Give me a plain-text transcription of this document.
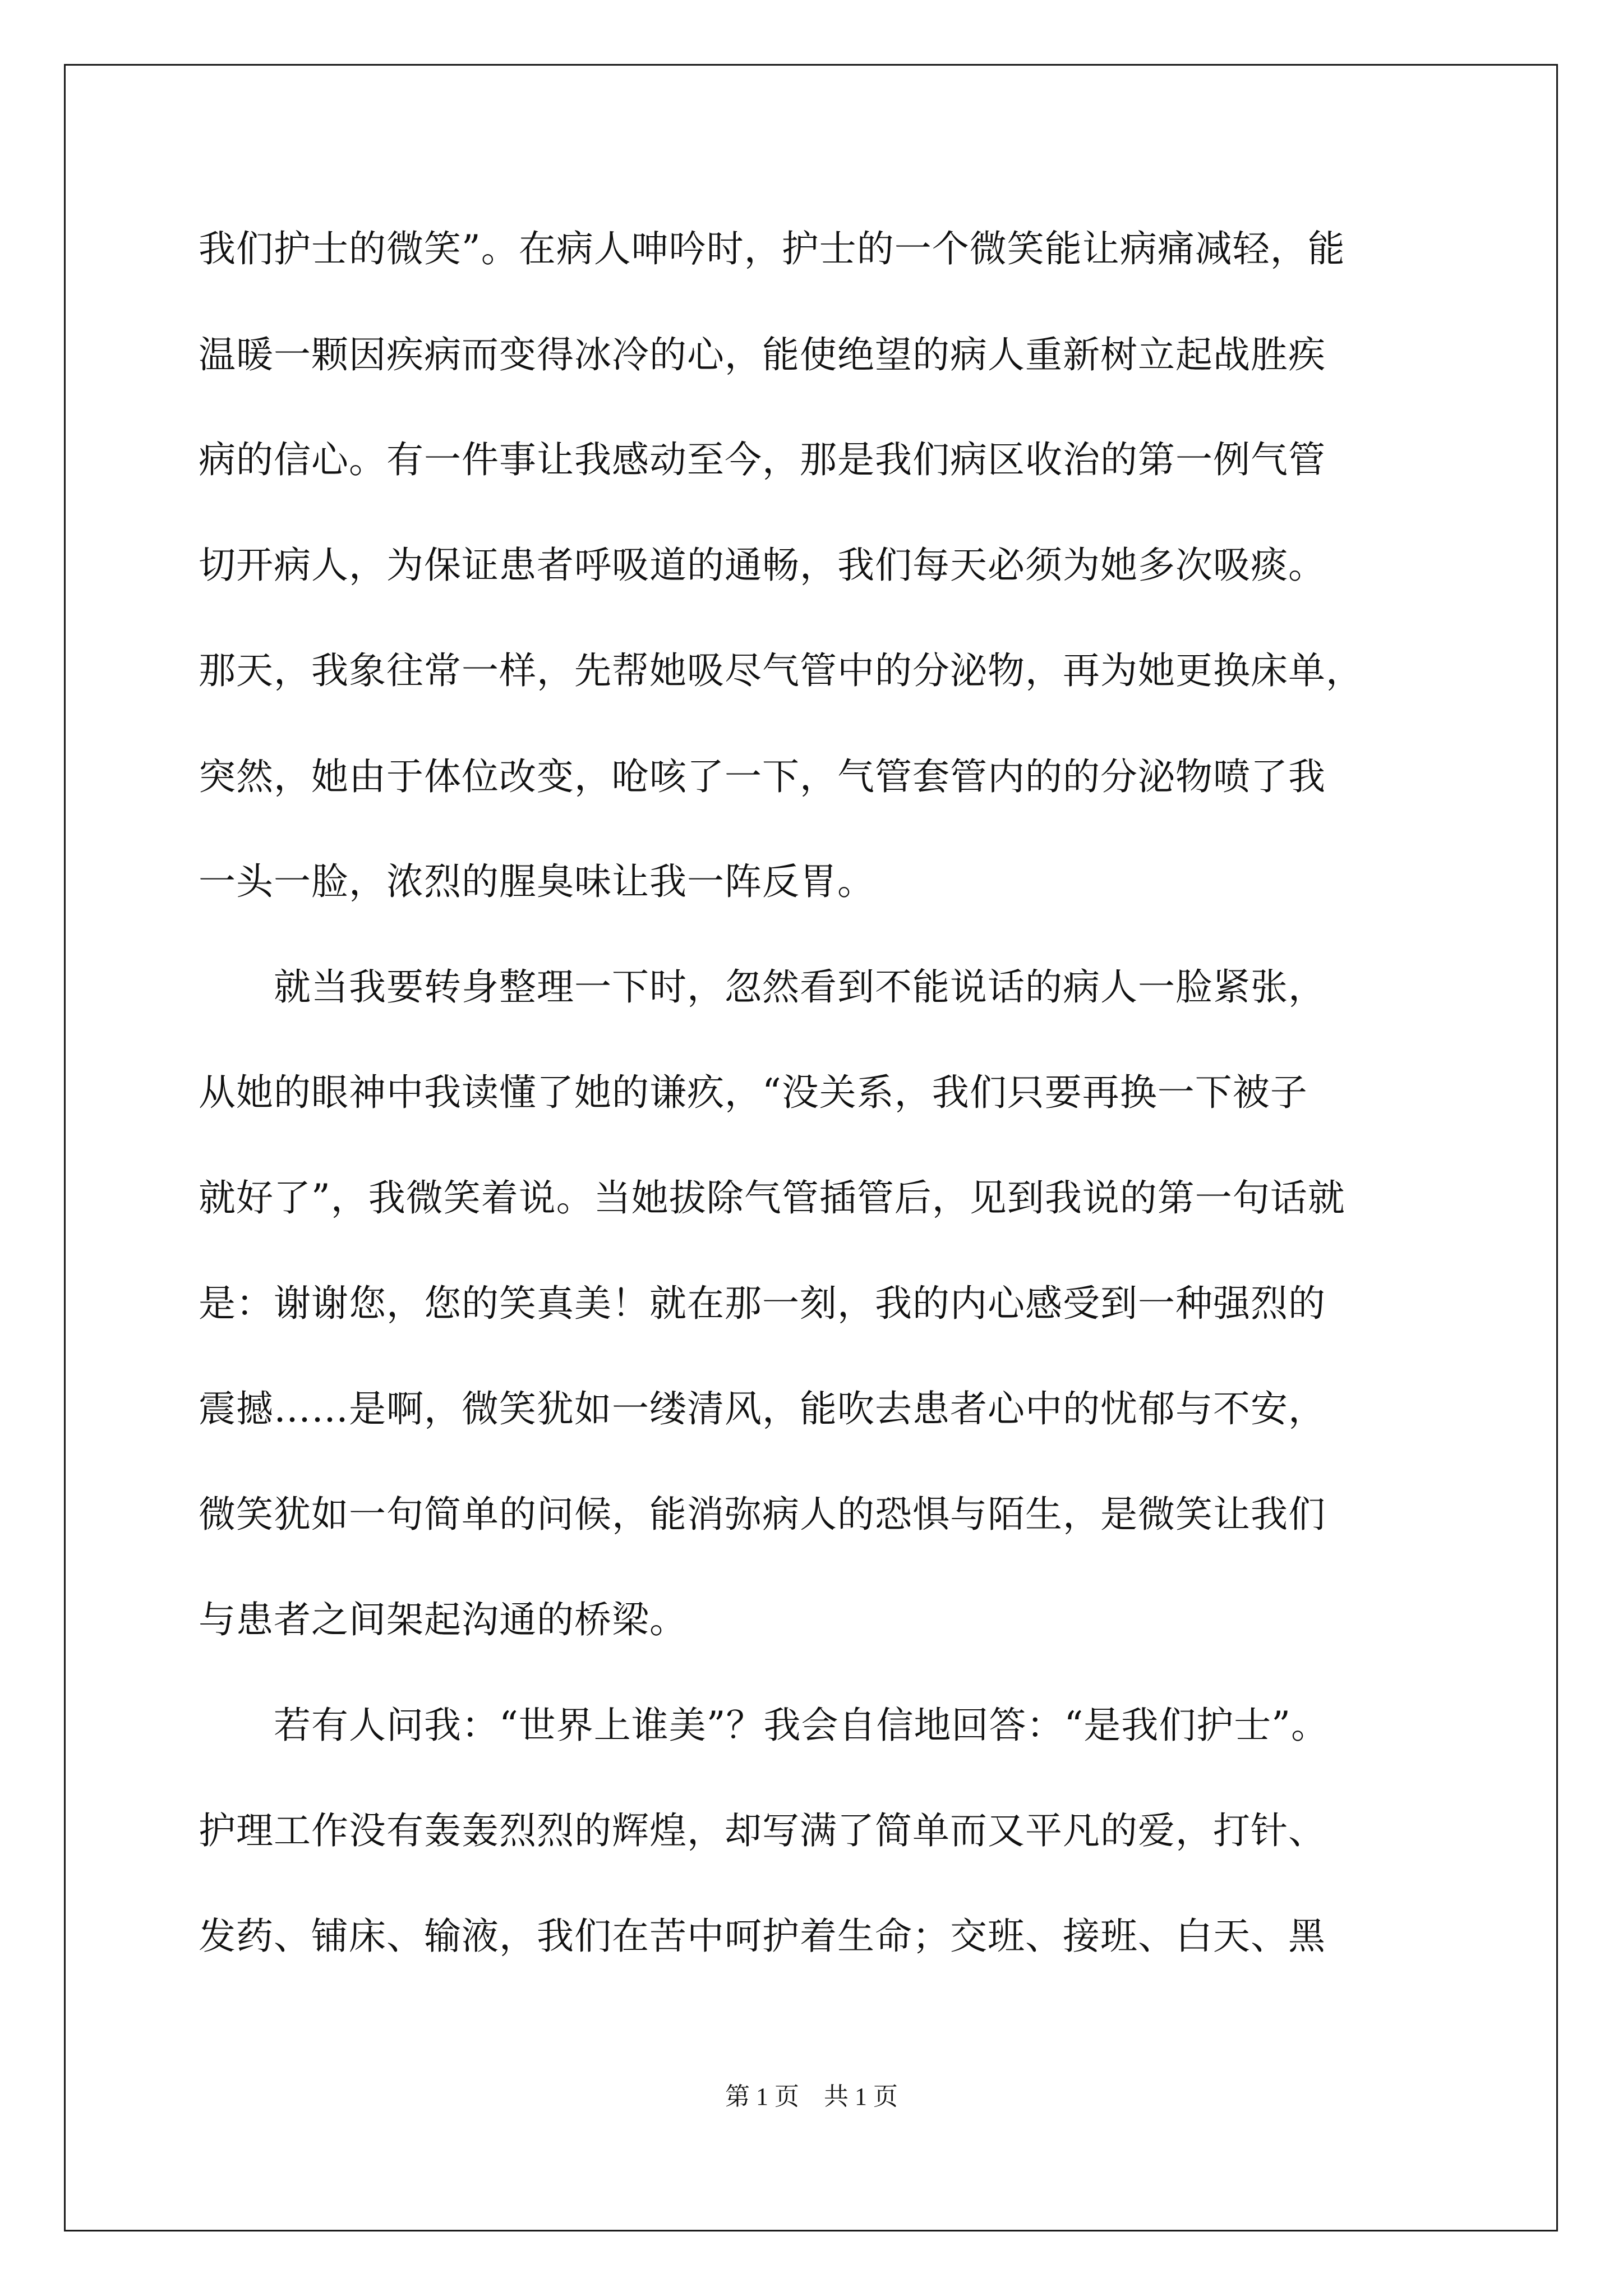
我们护士的微笑”。在病人呻吟时，护士的一个微笑能让病痛减轻，能
温暖一颗因疾病而变得冰冷的心，能使绝望的病人重新树立起战胜疾
病的信心。有一件事让我感动至今，那是我们病区收治的第一例气管
切开病人，为保证患者呼吸道的通畅，我们每天必须为她多次吸痰。
那天，我象往常一样，先帮她吸尽气管中的分泌物，再为她更换床单，
突然，她由于体位改变，呛咳了一下，气管套管内的的分泌物喷了我
一头一脸，浓烈的腥臭味让我一阵反胃。
　　就当我要转身整理一下时，忽然看到不能说话的病人一脸紧张，
从她的眼神中我读懂了她的谦疚，“没关系，我们只要再换一下被子
就好了”，我微笑着说。当她拔除气管插管后，见到我说的第一句话就
是：谢谢您，您的笑真美！就在那一刻，我的内心感受到一种强烈的
震撼……是啊，微笑犹如一缕清风，能吹去患者心中的忧郁与不安，
微笑犹如一句简单的问候，能消弥病人的恐惧与陌生，是微笑让我们
与患者之间架起沟通的桥梁。
　　若有人问我：“世界上谁美”？我会自信地回答：“是我们护士”。
护理工作没有轰轰烈烈的辉煌，却写满了简单而又平凡的爱，打针、
发药、铺床、输液，我们在苦中呵护着生命；交班、接班、白天、黑
第 1 页　共 1 页
